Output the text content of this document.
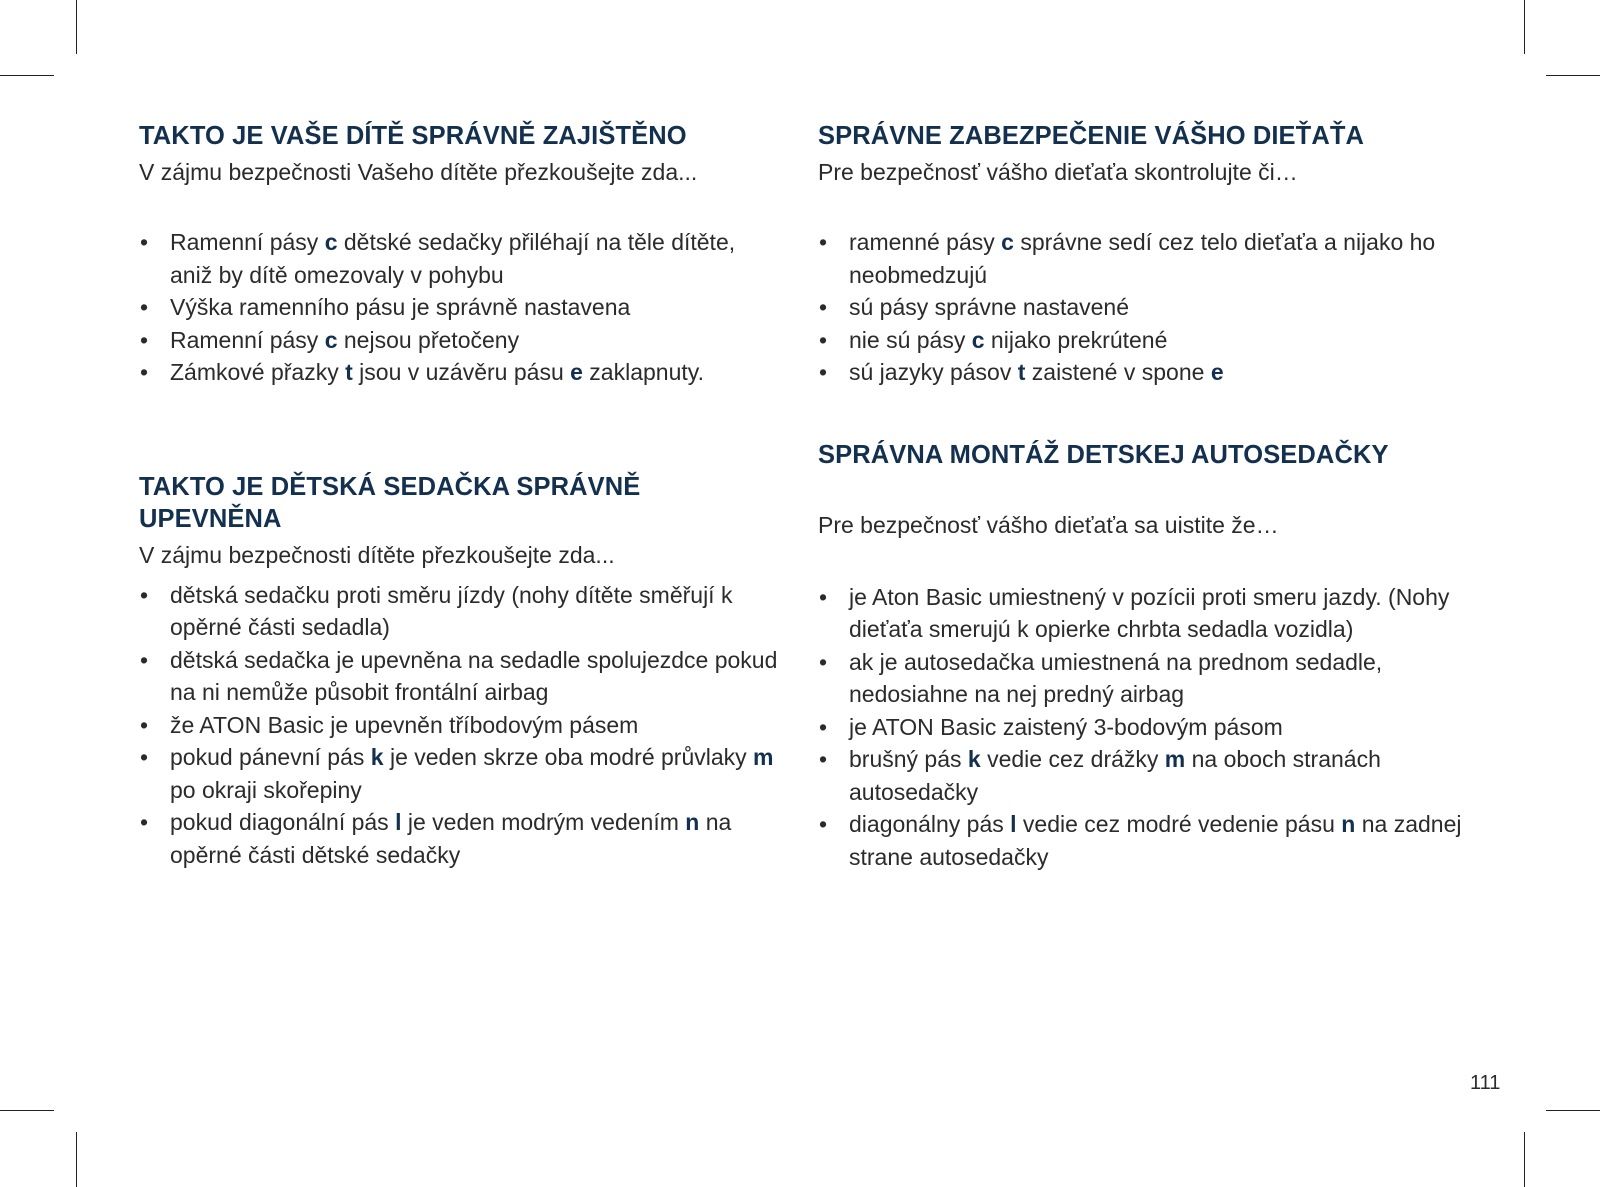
TAKTO JE VAŠE DÍTĚ SPRÁVNĚ ZAJIŠTĚNO

V zájmu bezpečnosti Vašeho dítěte přezkoušejte zda...

• Ramenní pásy c dětské sedačky přiléhají na těle dítěte, aniž by dítě omezovaly v pohybu
• Výška ramenního pásu je správně nastavena
• Ramenní pásy c nejsou přetočeny
• Zámkové přazky t jsou v uzávěru pásu e zaklapnuty.
TAKTO JE DĚTSKÁ SEDAČKA SPRÁVNĚ
UPEVNĚNA

V zájmu bezpečnosti dítěte přezkoušejte zda...

• dětská sedačku proti směru jízdy (nohy dítěte směřují k opěrné části sedadla)
• dětská sedačka je upevněna na sedadle spolujezdce pokud na ni nemůže působit frontální airbag
• že ATON Basic je upevněn tříbodovým pásem
• pokud pánevní pás k je veden skrze oba modré průvlaky m po okraji skořepiny
• pokud diagonální pás l je veden modrým vedením n na opěrné části dětské sedačky
SPRÁVNE ZABEZPEČENIE VÁŠHO DIEŤAŤA

Pre bezpečnosť vášho dieťaťa skontrolujte či…

• ramenné pásy c správne sedí cez telo dieťaťa a nijako ho neobmedzujú
• sú pásy správne nastavené
• nie sú pásy c nijako prekrútené
• sú jazyky pásov t zaistené v spone e
SPRÁVNA MONTÁŽ DETSKEJ AUTOSEDAČKY

Pre bezpečnosť vášho dieťaťa sa uistite že…

• je Aton Basic umiestnený v pozícii proti smeru jazdy. (Nohy dieťaťa smerujú k opierke chrbta sedadla vozidla)
• ak je autosedačka umiestnená na prednom sedadle, nedosiahne na nej predný airbag
• je ATON Basic zaistený 3-bodovým pásom
• brušný pás k vedie cez drážky m na oboch stranách autosedačky
• diagonálny pás l vedie cez modré vedenie pásu n na zadnej strane autosedačky
111
